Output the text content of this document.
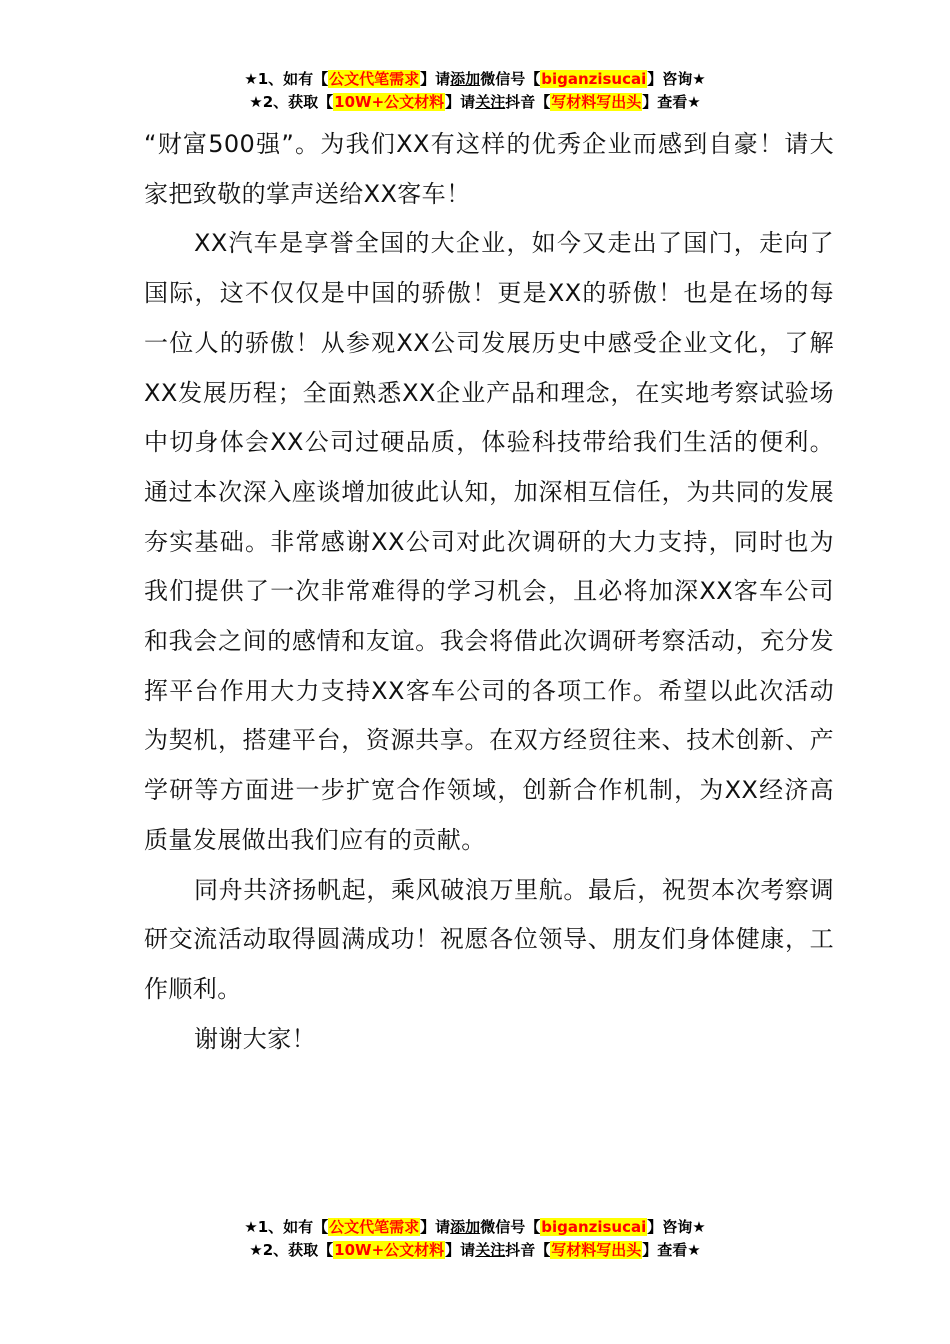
★1、如有【公文代笔需求】请添加微信号【biganzisucai】咨询★
★2、获取【10W+公文材料】请关注抖音【写材料写出头】查看★

“财富500强”。为我们XX有这样的优秀企业而感到自豪！请大家把致敬的掌声送给XX客车！

XX汽车是享誉全国的大企业，如今又走出了国门，走向了国际，这不仅仅是中国的骄傲！更是XX的骄傲！也是在场的每一位人的骄傲！从参观XX公司发展历史中感受企业文化，了解XX发展历程；全面熟悉XX企业产品和理念，在实地考察试验场中切身体会XX公司过硬品质，体验科技带给我们生活的便利。通过本次深入座谈增加彼此认知，加深相互信任，为共同的发展夯实基础。非常感谢XX公司对此次调研的大力支持，同时也为我们提供了一次非常难得的学习机会，且必将加深XX客车公司和我会之间的感情和友谊。我会将借此次调研考察活动，充分发挥平台作用大力支持XX客车公司的各项工作。希望以此次活动为契机，搭建平台，资源共享。在双方经贸往来、技术创新、产学研等方面进一步扩宽合作领域，创新合作机制，为XX经济高质量发展做出我们应有的贡献。

同舟共济扬帆起，乘风破浪万里航。最后，祝贺本次考察调研交流活动取得圆满成功！祝愿各位领导、朋友们身体健康，工作顺利。

谢谢大家！

★1、如有【公文代笔需求】请添加微信号【biganzisucai】咨询★
★2、获取【10W+公文材料】请关注抖音【写材料写出头】查看★
